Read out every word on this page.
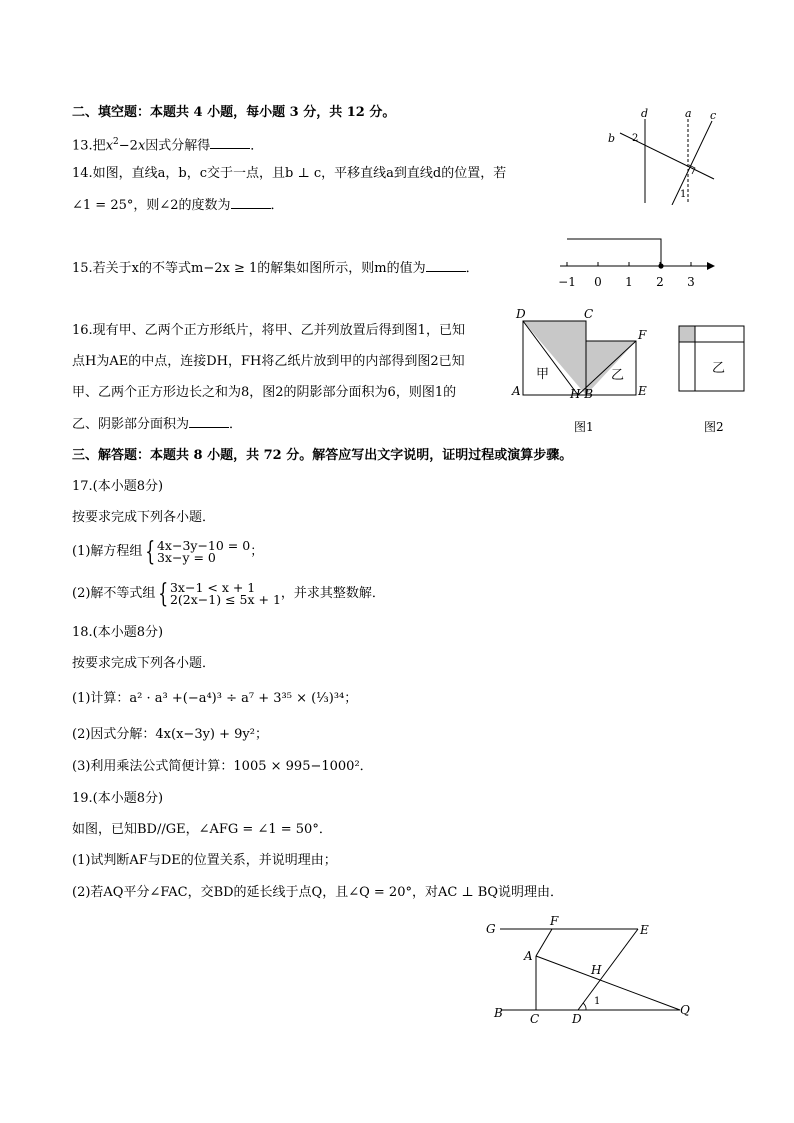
二、填空题：本题共 4 小题，每小题 3 分，共 12 分。
13.把$x^2-2x$因式分解得	．
14.如图，直线a，b，c交于一点，且b ⊥ c，平移直线a到直线d的位置，若
∠1 = 25°，则∠2的度数为	．
d	a c
b 2
1
15.若关于x的不等式m−2x ≥ 1的解集如图所示，则m的值为	．
−1 0 1 2 3
16.现有甲、乙两个正方形纸片，将甲、乙并列放置后得到图1，已知
点H为AE的中点，连接DH，FH将乙纸片放到甲的内部得到图2已知
甲、乙两个正方形边长之和为8，图2的阴影部分面积为6，则图1的
乙、阴影部分面积为	．
D	C
F
A	H B	E
甲	乙
图1
乙
图2
三、解答题：本题共 8 小题，共 72 分。解答应写出文字说明，证明过程或演算步骤。
17.(本小题8分)
按要求完成下列各小题．
(1)解方程组 {4x−3y−10 = 0
3x−y = 0	；
(2)解不等式组 {3x−1 < x + 1
2(2x−1) ≤ 5x + 1，并求其整数解．
18.(本小题8分)
按要求完成下列各小题．
(1)计算：a² · a³ +(−a⁴)³ ÷ a⁷ + 3³⁵ × (⅓)³⁴；
(2)因式分解：4x(x−3y) + 9y²；
(3)利用乘法公式简便计算：1005 × 995−1000²．
19.(本小题8分)
如图，已知BD//GE，∠AFG = ∠1 = 50°．
(1)试判断AF与DE的位置关系，并说明理由；
(2)若AQ平分∠FAC，交BD的延长线于点Q，且∠Q = 20°，对AC ⊥ BQ说明理由．
G
F
E
A
H
1
B C	D
Q
